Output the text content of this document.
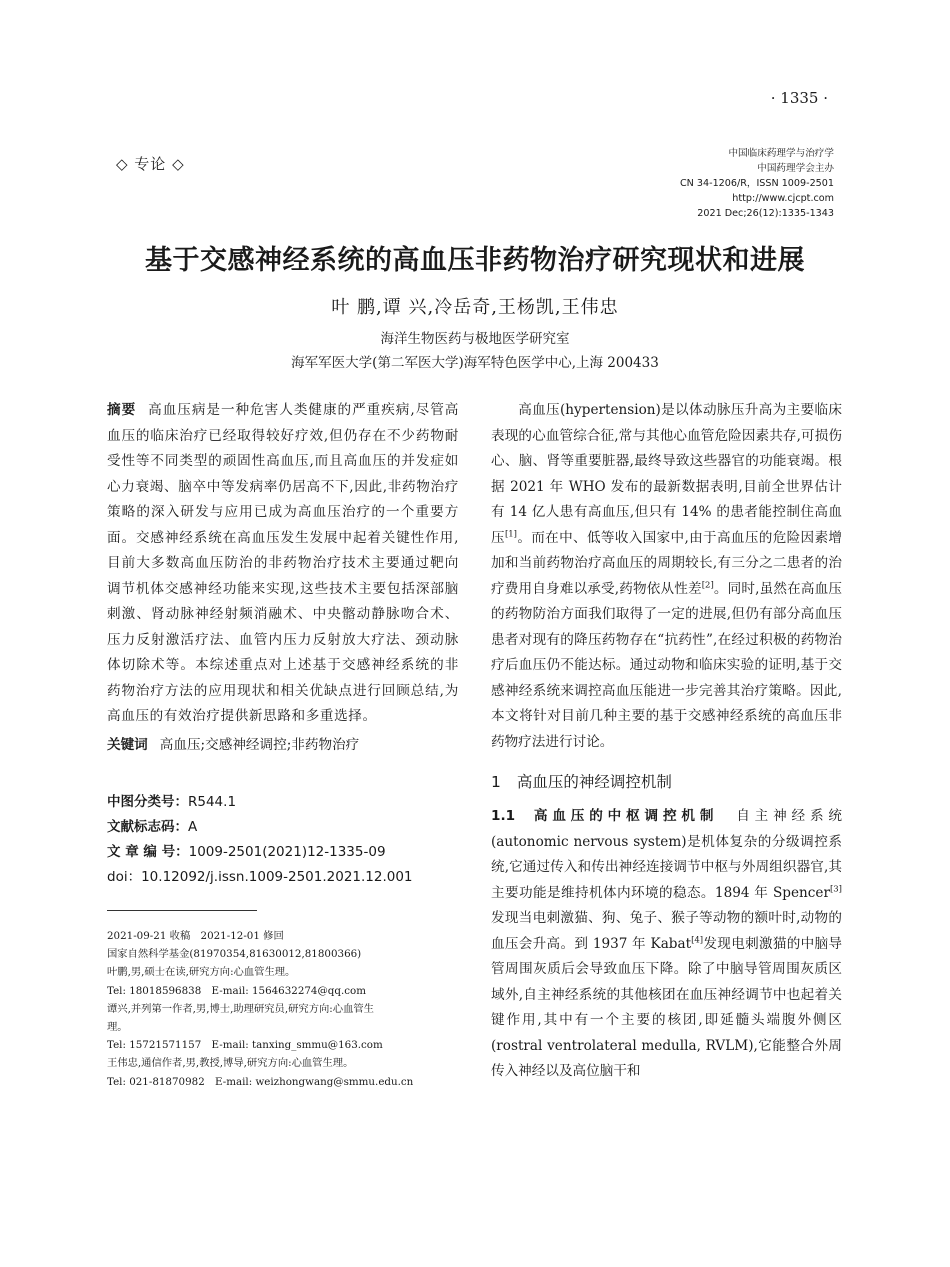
· 1335 ·
◇ 专论 ◇
中国临床药理学与治疗学
中国药理学会主办
CN 34-1206/R，ISSN 1009-2501
http://www.cjcpt.com
2021 Dec;26(12):1335-1343
基于交感神经系统的高血压非药物治疗研究现状和进展
叶 鹏,谭 兴,冷岳奇,王杨凯,王伟忠
海洋生物医药与极地医学研究室
海军军医大学(第二军医大学)海军特色医学中心,上海 200433
摘要 高血压病是一种危害人类健康的严重疾病,尽管高血压的临床治疗已经取得较好疗效,但仍存在不少药物耐受性等不同类型的顽固性高血压,而且高血压的并发症如心力衰竭、脑卒中等发病率仍居高不下,因此,非药物治疗策略的深入研发与应用已成为高血压治疗的一个重要方面。交感神经系统在高血压发生发展中起着关键性作用,目前大多数高血压防治的非药物治疗技术主要通过靶向调节机体交感神经功能来实现,这些技术主要包括深部脑刺激、肾动脉神经射频消融术、中央髂动静脉吻合术、压力反射激活疗法、血管内压力反射放大疗法、颈动脉体切除术等。本综述重点对上述基于交感神经系统的非药物治疗方法的应用现状和相关优缺点进行回顾总结,为高血压的有效治疗提供新思路和多重选择。
关键词 高血压;交感神经调控;非药物治疗
中图分类号：R544.1
文献标志码：A
文 章 编 号：1009-2501(2021)12-1335-09
doi：10.12092/j.issn.1009-2501.2021.12.001
2021-09-21 收稿　2021-12-01 修回
国家自然科学基金(81970354,81630012,81800366)
叶鹏,男,硕士在读,研究方向:心血管生理。
Tel: 18018596838　E-mail: 1564632274@qq.com
谭兴,并列第一作者,男,博士,助理研究员,研究方向:心血管生
理。
Tel: 15721571157　E-mail: tanxing_smmu@163.com
王伟忠,通信作者,男,教授,博导,研究方向:心血管生理。
Tel: 021-81870982　E-mail: weizhongwang@smmu.edu.cn

高血压(hypertension)是以体动脉压升高为主要临床表现的心血管综合征,常与其他心血管危险因素共存,可损伤心、脑、肾等重要脏器,最终导致这些器官的功能衰竭。根据 2021 年 WHO 发布的最新数据表明,目前全世界估计有 14 亿人患有高血压,但只有 14% 的患者能控制住高血压[1]。而在中、低等收入国家中,由于高血压的危险因素增加和当前药物治疗高血压的周期较长,有三分之二患者的治疗费用自身难以承受,药物依从性差[2]。同时,虽然在高血压的药物防治方面我们取得了一定的进展,但仍有部分高血压患者对现有的降压药物存在“抗药性”,在经过积极的药物治疗后血压仍不能达标。通过动物和临床实验的证明,基于交感神经系统来调控高血压能进一步完善其治疗策略。因此,本文将针对目前几种主要的基于交感神经系统的高血压非药物疗法进行讨论。

1 高血压的神经调控机制

1.1 高血压的中枢调控机制 自主神经系统(autonomic nervous system)是机体复杂的分级调控系统,它通过传入和传出神经连接调节中枢与外周组织器官,其主要功能是维持机体内环境的稳态。1894 年 Spencer[3]发现当电刺激猫、狗、兔子、猴子等动物的额叶时,动物的血压会升高。到 1937 年 Kabat[4]发现电刺激猫的中脑导管周围灰质后会导致血压下降。除了中脑导管周围灰质区域外,自主神经系统的其他核团在血压神经调节中也起着关键作用,其中有一个主要的核团,即延髓头端腹外侧区(rostral ventrolateral medulla, RVLM),它能整合外周传入神经以及高位脑干和
